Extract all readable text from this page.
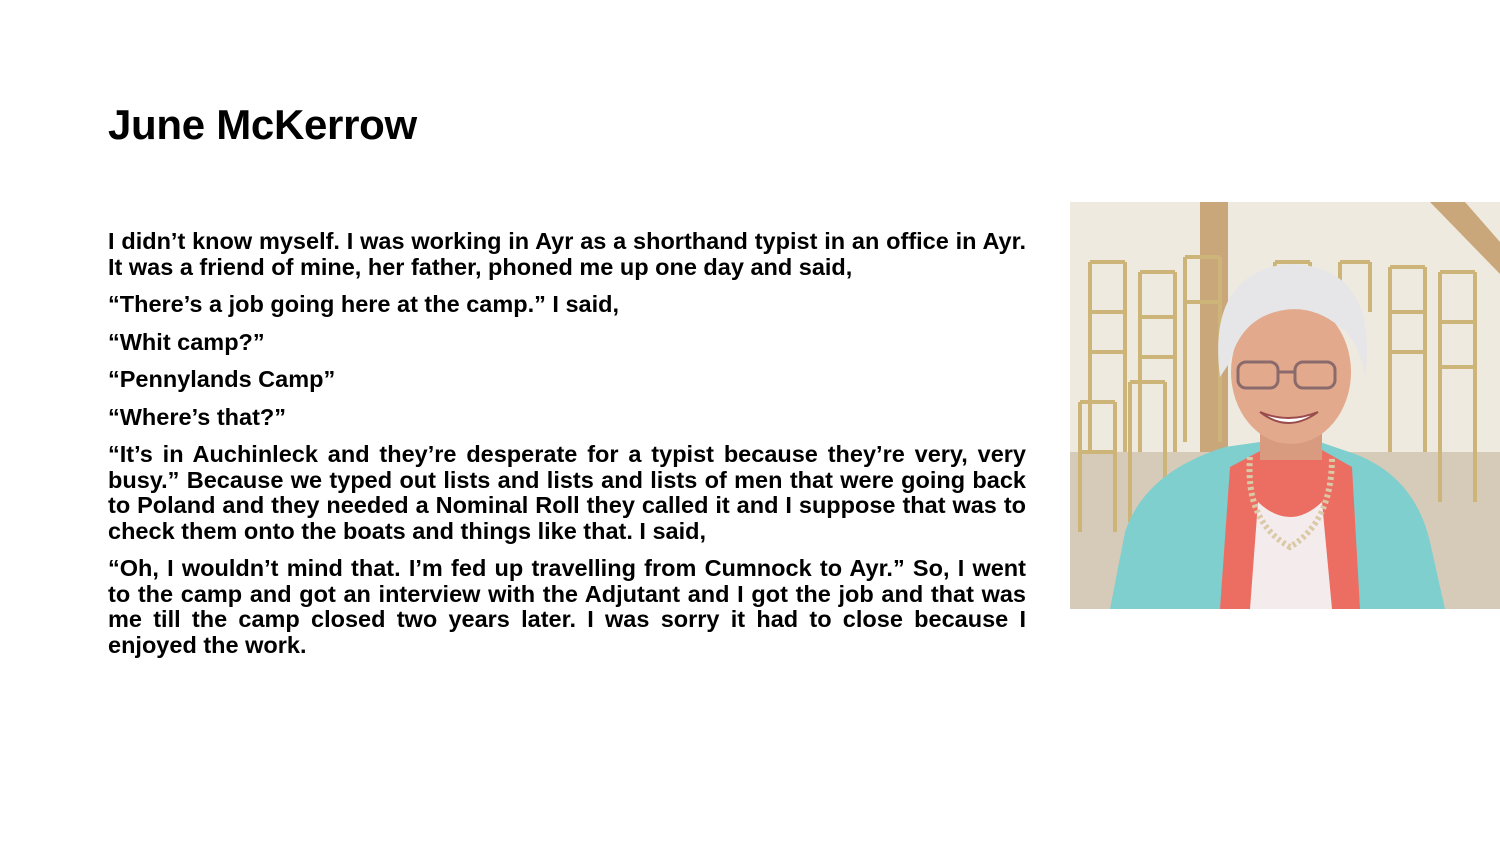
June McKerrow

I didn’t know myself. I was working in Ayr as a shorthand typist in an office in Ayr. It was a friend of mine, her father, phoned me up one day and said,

“There’s a job going here at the camp.” I said,

“Whit camp?”

“Pennylands Camp”

“Where’s that?”

“It’s in Auchinleck and they’re desperate for a typist because they’re very, very busy.” Because we typed out lists and lists and lists of men that were going back to Poland and they needed a Nominal Roll they called it and I suppose that was to check them onto the boats and things like that. I said,

“Oh, I wouldn’t mind that. I’m fed up travelling from Cumnock to Ayr.” So, I went to the camp and got an interview with the Adjutant and I got the job and that was me till the camp closed two years later. I was sorry it had to close because I enjoyed the work.
